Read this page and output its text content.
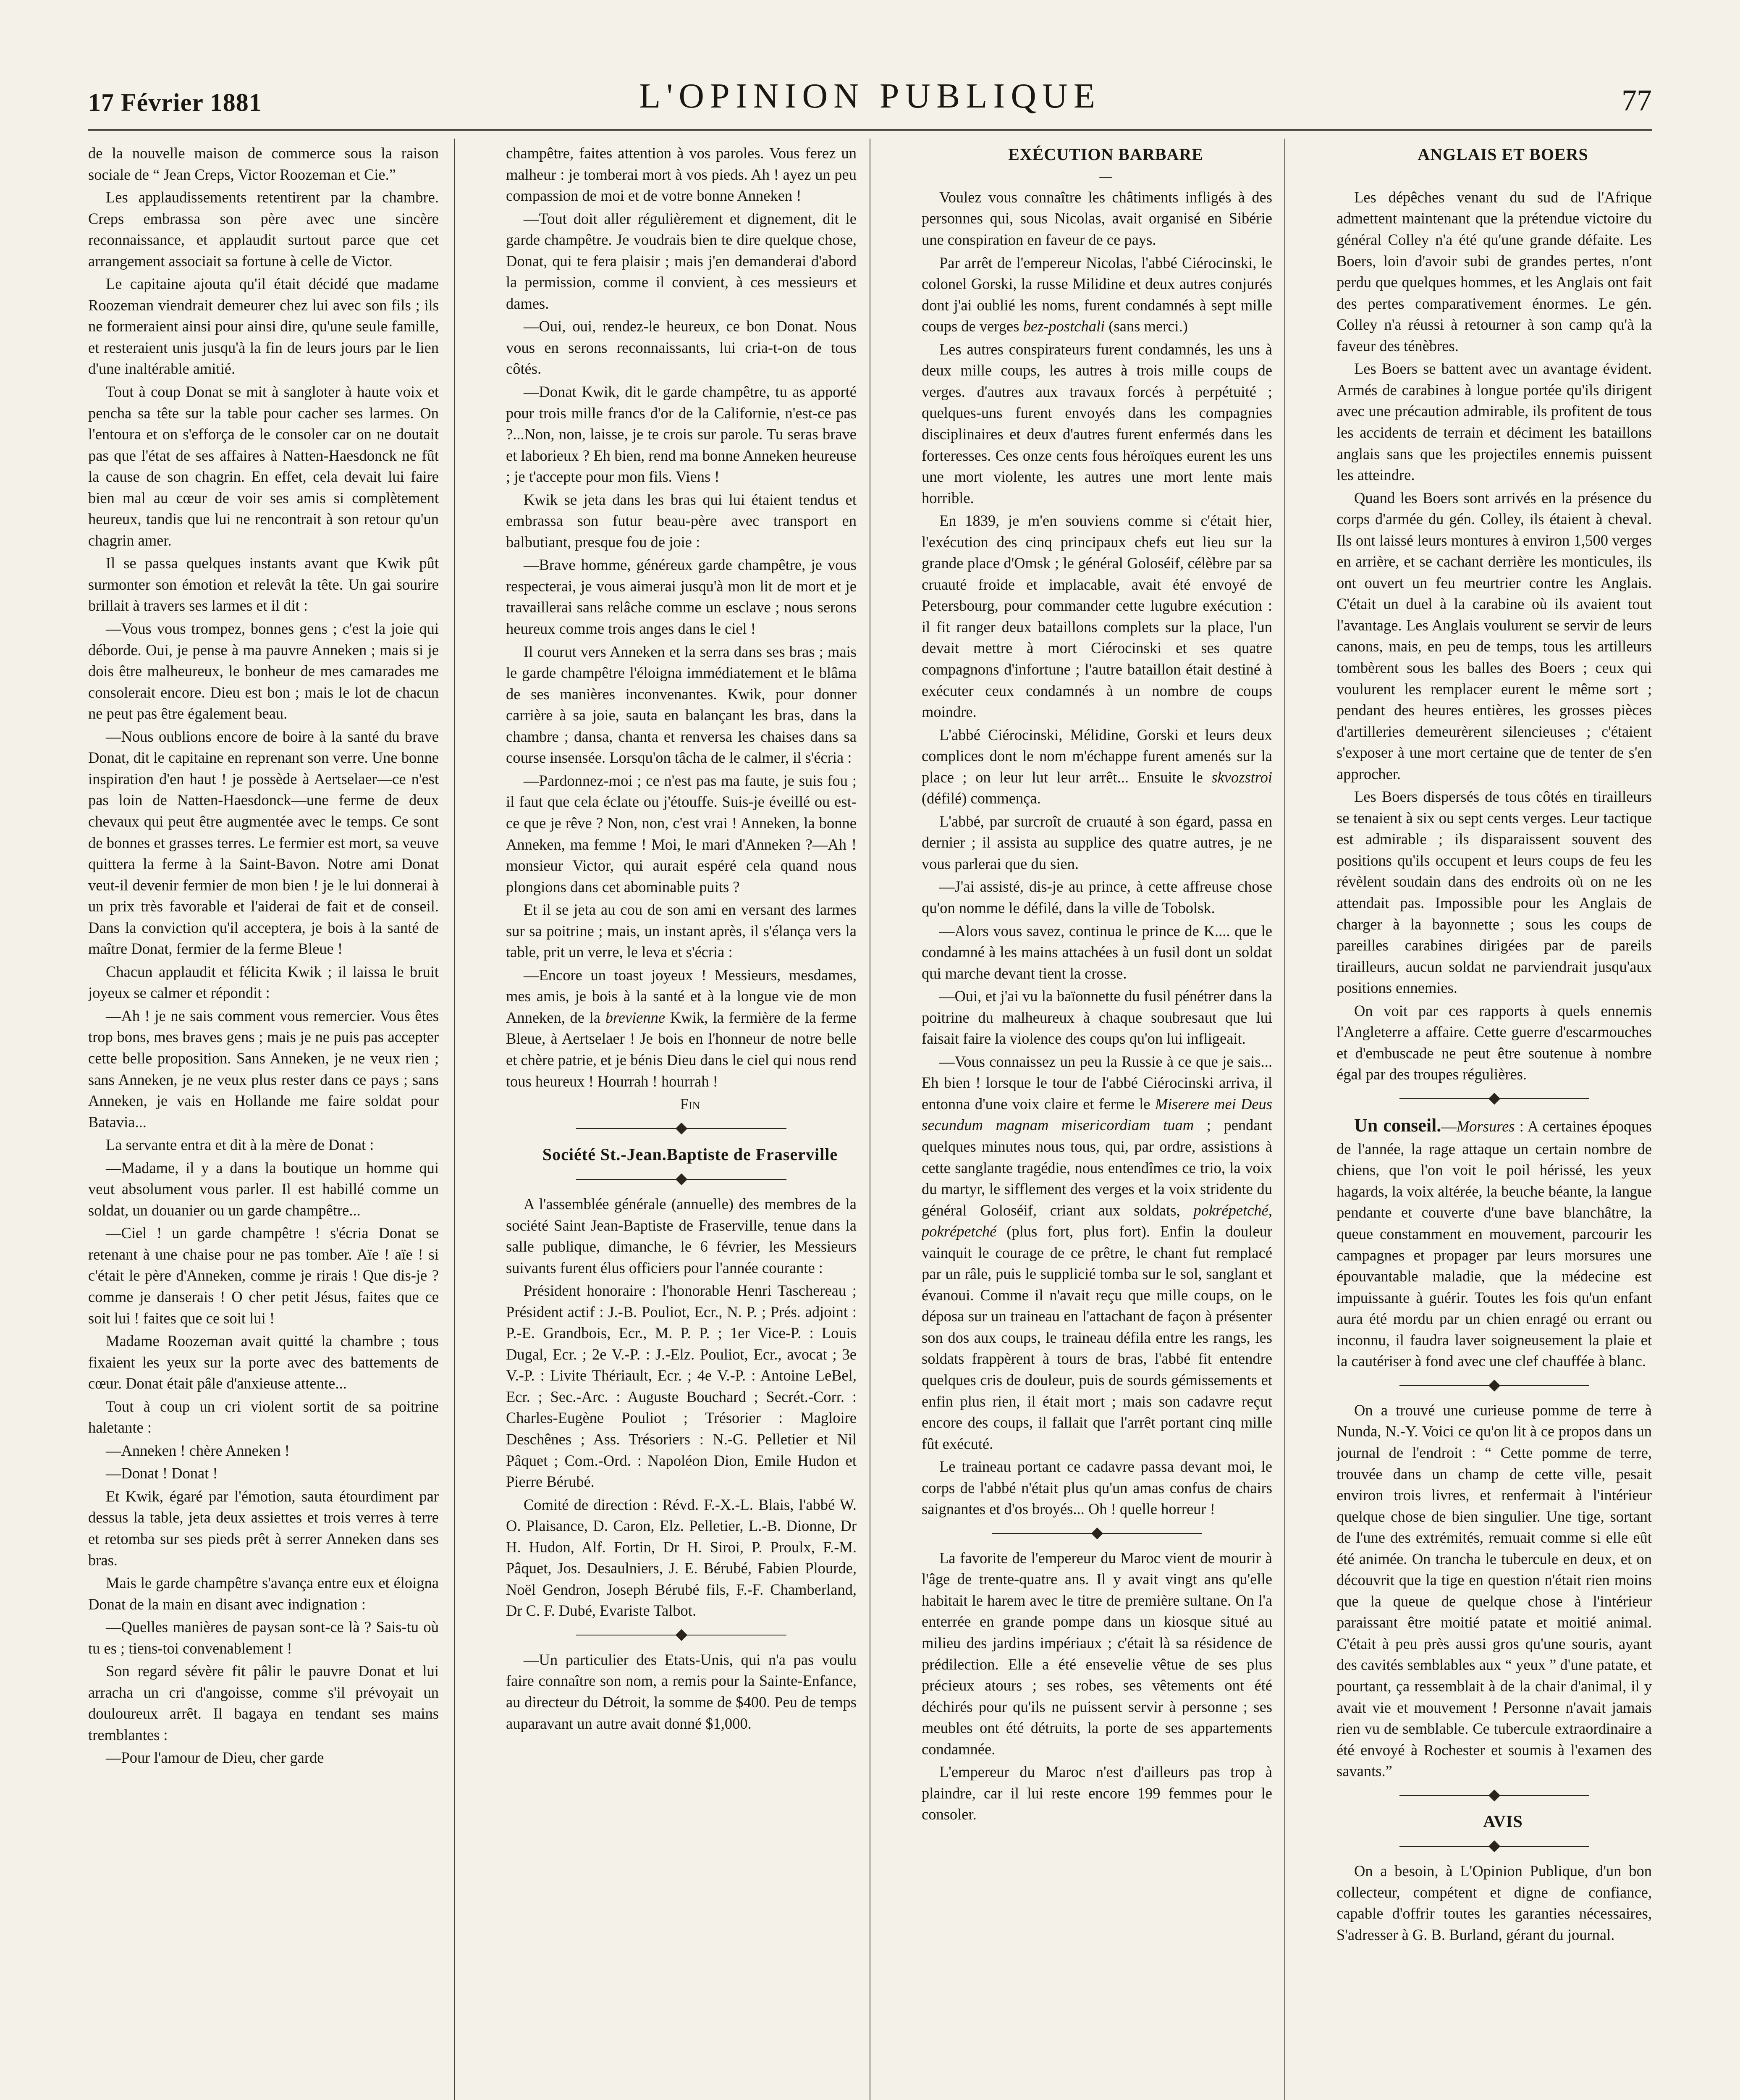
17 Février 1881	L'OPINION PUBLIQUE	77

de la nouvelle maison de commerce sous la raison sociale de “ Jean Creps, Victor Roozeman et Cie.”

Les applaudissements retentirent par la chambre. Creps embrassa son père avec une sincère reconnaissance, et applaudit surtout parce que cet arrangement associait sa fortune à celle de Victor.

Le capitaine ajouta qu'il était décidé que madame Roozeman viendrait demeurer chez lui avec son fils ; ils ne formeraient ainsi pour ainsi dire, qu'une seule famille, et resteraient unis jusqu'à la fin de leurs jours par le lien d'une inaltérable amitié.

Tout à coup Donat se mit à sangloter à haute voix et pencha sa tête sur la table pour cacher ses larmes. On l'entoura et on s'efforça de le consoler car on ne doutait pas que l'état de ses affaires à Natten-Haesdonck ne fût la cause de son chagrin. En effet, cela devait lui faire bien mal au cœur de voir ses amis si complètement heureux, tandis que lui ne rencontrait à son retour qu'un chagrin amer.

Il se passa quelques instants avant que Kwik pût surmonter son émotion et relevât la tête. Un gai sourire brillait à travers ses larmes et il dit :

—Vous vous trompez, bonnes gens ; c'est la joie qui déborde. Oui, je pense à ma pauvre Anneken ; mais si je dois être malheureux, le bonheur de mes camarades me consolerait encore. Dieu est bon ; mais le lot de chacun ne peut pas être également beau.

—Nous oublions encore de boire à la santé du brave Donat, dit le capitaine en reprenant son verre. Une bonne inspiration d'en haut ! je possède à Aertselaer—ce n'est pas loin de Natten-Haesdonck—une ferme de deux chevaux qui peut être augmentée avec le temps. Ce sont de bonnes et grasses terres. Le fermier est mort, sa veuve quittera la ferme à la Saint-Bavon. Notre ami Donat veut-il devenir fermier de mon bien ! je le lui donnerai à un prix très favorable et l'aiderai de fait et de conseil. Dans la conviction qu'il acceptera, je bois à la santé de maître Donat, fermier de la ferme Bleue !

Chacun applaudit et félicita Kwik ; il laissa le bruit joyeux se calmer et répondit :

—Ah ! je ne sais comment vous remercier. Vous êtes trop bons, mes braves gens ; mais je ne puis pas accepter cette belle proposition. Sans Anneken, je ne veux rien ; sans Anneken, je ne veux plus rester dans ce pays ; sans Anneken, je vais en Hollande me faire soldat pour Batavia...

La servante entra et dit à la mère de Donat :

—Madame, il y a dans la boutique un homme qui veut absolument vous parler. Il est habillé comme un soldat, un douanier ou un garde champêtre...

—Ciel ! un garde champêtre ! s'écria Donat se retenant à une chaise pour ne pas tomber. Aïe ! aïe ! si c'était le père d'Anneken, comme je rirais ! Que dis-je ? comme je danserais ! O cher petit Jésus, faites que ce soit lui ! faites que ce soit lui !

Madame Roozeman avait quitté la chambre ; tous fixaient les yeux sur la porte avec des battements de cœur. Donat était pâle d'anxieuse attente...

Tout à coup un cri violent sortit de sa poitrine haletante :

—Anneken ! chère Anneken !

—Donat ! Donat !

Et Kwik, égaré par l'émotion, sauta étourdiment par dessus la table, jeta deux assiettes et trois verres à terre et retomba sur ses pieds prêt à serrer Anneken dans ses bras.

Mais le garde champêtre s'avança entre eux et éloigna Donat de la main en disant avec indignation :

—Quelles manières de paysan sont-ce là ? Sais-tu où tu es ; tiens-toi convenablement !

Son regard sévère fit pâlir le pauvre Donat et lui arracha un cri d'angoisse, comme s'il prévoyait un douloureux arrêt. Il bagaya en tendant ses mains tremblantes :

—Pour l'amour de Dieu, cher garde

champêtre, faites attention à vos paroles. Vous ferez un malheur : je tomberai mort à vos pieds. Ah ! ayez un peu compassion de moi et de votre bonne Anneken !

—Tout doit aller régulièrement et dignement, dit le garde champêtre. Je voudrais bien te dire quelque chose, Donat, qui te fera plaisir ; mais j'en demanderai d'abord la permission, comme il convient, à ces messieurs et dames.

—Oui, oui, rendez-le heureux, ce bon Donat. Nous vous en serons reconnaissants, lui cria-t-on de tous côtés.

—Donat Kwik, dit le garde champêtre, tu as apporté pour trois mille francs d'or de la Californie, n'est-ce pas ?...Non, non, laisse, je te crois sur parole. Tu seras brave et laborieux ? Eh bien, rend ma bonne Anneken heureuse ; je t'accepte pour mon fils. Viens !

Kwik se jeta dans les bras qui lui étaient tendus et embrassa son futur beau-père avec transport en balbutiant, presque fou de joie :

—Brave homme, généreux garde champêtre, je vous respecterai, je vous aimerai jusqu'à mon lit de mort et je travaillerai sans relâche comme un esclave ; nous serons heureux comme trois anges dans le ciel !

Il courut vers Anneken et la serra dans ses bras ; mais le garde champêtre l'éloigna immédiatement et le blâma de ses manières inconvenantes. Kwik, pour donner carrière à sa joie, sauta en balançant les bras, dans la chambre ; dansa, chanta et renversa les chaises dans sa course insensée. Lorsqu'on tâcha de le calmer, il s'écria :

—Pardonnez-moi ; ce n'est pas ma faute, je suis fou ; il faut que cela éclate ou j'étouffe. Suis-je éveillé ou est-ce que je rêve ? Non, non, c'est vrai ! Anneken, la bonne Anneken, ma femme ! Moi, le mari d'Anneken ?—Ah ! monsieur Victor, qui aurait espéré cela quand nous plongions dans cet abominable puits ?

Et il se jeta au cou de son ami en versant des larmes sur sa poitrine ; mais, un instant après, il s'élança vers la table, prit un verre, le leva et s'écria :

—Encore un toast joyeux ! Messieurs, mesdames, mes amis, je bois à la santé et à la longue vie de mon Anneken, de la brevienne Kwik, la fermière de la ferme Bleue, à Aertselaer ! Je bois en l'honneur de notre belle et chère patrie, et je bénis Dieu dans le ciel qui nous rend tous heureux ! Hourrah ! hourrah !

Fin

Société St.-Jean.Baptiste de Fraserville

A l'assemblée générale (annuelle) des membres de la société Saint Jean-Baptiste de Fraserville, tenue dans la salle publique, dimanche, le 6 février, les Messieurs suivants furent élus officiers pour l'année courante :

Président honoraire : l'honorable Henri Taschereau ; Président actif : J.-B. Pouliot, Ecr., N. P. ; Prés. adjoint : P.-E. Grandbois, Ecr., M. P. P. ; 1er Vice-P. : Louis Dugal, Ecr. ; 2e V.-P. : J.-Elz. Pouliot, Ecr., avocat ; 3e V.-P. : Livite Thériault, Ecr. ; 4e V.-P. : Antoine LeBel, Ecr. ; Sec.-Arc. : Auguste Bouchard ; Secrét.-Corr. : Charles-Eugène Pouliot ; Trésorier : Magloire Deschênes ; Ass. Trésoriers : N.-G. Pelletier et Nil Pâquet ; Com.-Ord. : Napoléon Dion, Emile Hudon et Pierre Bérubé.

Comité de direction : Révd. F.-X.-L. Blais, l'abbé W. O. Plaisance, D. Caron, Elz. Pelletier, L.-B. Dionne, Dr H. Hudon, Alf. Fortin, Dr H. Siroi, P. Proulx, F.-M. Pâquet, Jos. Desaulniers, J. E. Bérubé, Fabien Plourde, Noël Gendron, Joseph Bérubé fils, F.-F. Chamberland, Dr C. F. Dubé, Evariste Talbot.

—Un particulier des Etats-Unis, qui n'a pas voulu faire connaître son nom, a remis pour la Sainte-Enfance, au directeur du Détroit, la somme de $400. Peu de temps auparavant un autre avait donné $1,000.

EXÉCUTION BARBARE

—

Voulez vous connaître les châtiments infligés à des personnes qui, sous Nicolas, avait organisé en Sibérie une conspiration en faveur de ce pays.

Par arrêt de l'empereur Nicolas, l'abbé Ciérocinski, le colonel Gorski, la russe Milidine et deux autres conjurés dont j'ai oublié les noms, furent condamnés à sept mille coups de verges bez-postchali (sans merci.)

Les autres conspirateurs furent condamnés, les uns à deux mille coups, les autres à trois mille coups de verges. d'autres aux travaux forcés à perpétuité ; quelques-uns furent envoyés dans les compagnies disciplinaires et deux d'autres furent enfermés dans les forteresses. Ces onze cents fous héroïques eurent les uns une mort violente, les autres une mort lente mais horrible.

En 1839, je m'en souviens comme si c'était hier, l'exécution des cinq principaux chefs eut lieu sur la grande place d'Omsk ; le général Goloséif, célèbre par sa cruauté froide et implacable, avait été envoyé de Petersbourg, pour commander cette lugubre exécution : il fit ranger deux bataillons complets sur la place, l'un devait mettre à mort Ciérocinski et ses quatre compagnons d'infortune ; l'autre bataillon était destiné à exécuter ceux condamnés à un nombre de coups moindre.

L'abbé Ciérocinski, Mélidine, Gorski et leurs deux complices dont le nom m'échappe furent amenés sur la place ; on leur lut leur arrêt... Ensuite le skvozstroi (défilé) commença.

L'abbé, par surcroît de cruauté à son égard, passa en dernier ; il assista au supplice des quatre autres, je ne vous parlerai que du sien.

—J'ai assisté, dis-je au prince, à cette affreuse chose qu'on nomme le défilé, dans la ville de Tobolsk.

—Alors vous savez, continua le prince de K.... que le condamné à les mains attachées à un fusil dont un soldat qui marche devant tient la crosse.

—Oui, et j'ai vu la baïonnette du fusil pénétrer dans la poitrine du malheureux à chaque soubresaut que lui faisait faire la violence des coups qu'on lui infligeait.

—Vous connaissez un peu la Russie à ce que je sais... Eh bien ! lorsque le tour de l'abbé Ciérocinski arriva, il entonna d'une voix claire et ferme le Miserere mei Deus secundum magnam misericordiam tuam ; pendant quelques minutes nous tous, qui, par ordre, assistions à cette sanglante tragédie, nous entendîmes ce trio, la voix du martyr, le sifflement des verges et la voix stridente du général Goloséif, criant aux soldats, pokrépetché, pokrépetché (plus fort, plus fort). Enfin la douleur vainquit le courage de ce prêtre, le chant fut remplacé par un râle, puis le supplicié tomba sur le sol, sanglant et évanoui. Comme il n'avait reçu que mille coups, on le déposa sur un traineau en l'attachant de façon à présenter son dos aux coups, le traineau défila entre les rangs, les soldats frappèrent à tours de bras, l'abbé fit entendre quelques cris de douleur, puis de sourds gémissements et enfin plus rien, il était mort ; mais son cadavre reçut encore des coups, il fallait que l'arrêt portant cinq mille fût exécuté.

Le traineau portant ce cadavre passa devant moi, le corps de l'abbé n'était plus qu'un amas confus de chairs saignantes et d'os broyés... Oh ! quelle horreur !

La favorite de l'empereur du Maroc vient de mourir à l'âge de trente-quatre ans. Il y avait vingt ans qu'elle habitait le harem avec le titre de première sultane. On l'a enterrée en grande pompe dans un kiosque situé au milieu des jardins impériaux ; c'était là sa résidence de prédilection. Elle a été ensevelie vêtue de ses plus précieux atours ; ses robes, ses vêtements ont été déchirés pour qu'ils ne puissent servir à personne ; ses meubles ont été détruits, la porte de ses appartements condamnée.

L'empereur du Maroc n'est d'ailleurs pas trop à plaindre, car il lui reste encore 199 femmes pour le consoler.

ANGLAIS ET BOERS

Les dépêches venant du sud de l'Afrique admettent maintenant que la prétendue victoire du général Colley n'a été qu'une grande défaite. Les Boers, loin d'avoir subi de grandes pertes, n'ont perdu que quelques hommes, et les Anglais ont fait des pertes comparativement énormes. Le gén. Colley n'a réussi à retourner à son camp qu'à la faveur des ténèbres.

Les Boers se battent avec un avantage évident. Armés de carabines à longue portée qu'ils dirigent avec une précaution admirable, ils profitent de tous les accidents de terrain et déciment les bataillons anglais sans que les projectiles ennemis puissent les atteindre.

Quand les Boers sont arrivés en la présence du corps d'armée du gén. Colley, ils étaient à cheval. Ils ont laissé leurs montures à environ 1,500 verges en arrière, et se cachant derrière les monticules, ils ont ouvert un feu meurtrier contre les Anglais. C'était un duel à la carabine où ils avaient tout l'avantage. Les Anglais voulurent se servir de leurs canons, mais, en peu de temps, tous les artilleurs tombèrent sous les balles des Boers ; ceux qui voulurent les remplacer eurent le même sort ; pendant des heures entières, les grosses pièces d'artilleries demeurèrent silencieuses ; c'étaient s'exposer à une mort certaine que de tenter de s'en approcher.

Les Boers dispersés de tous côtés en tirailleurs se tenaient à six ou sept cents verges. Leur tactique est admirable ; ils disparaissent souvent des positions qu'ils occupent et leurs coups de feu les révèlent soudain dans des endroits où on ne les attendait pas. Impossible pour les Anglais de charger à la bayonnette ; sous les coups de pareilles carabines dirigées par de pareils tirailleurs, aucun soldat ne parviendrait jusqu'aux positions ennemies.

On voit par ces rapports à quels ennemis l'Angleterre a affaire. Cette guerre d'escarmouches et d'embuscade ne peut être soutenue à nombre égal par des troupes régulières.

Un conseil.—Morsures : A certaines époques de l'année, la rage attaque un certain nombre de chiens, que l'on voit le poil hérissé, les yeux hagards, la voix altérée, la beuche béante, la langue pendante et couverte d'une bave blanchâtre, la queue constamment en mouvement, parcourir les campagnes et propager par leurs morsures une épouvantable maladie, que la médecine est impuissante à guérir. Toutes les fois qu'un enfant aura été mordu par un chien enragé ou errant ou inconnu, il faudra laver soigneusement la plaie et la cautériser à fond avec une clef chauffée à blanc.

On a trouvé une curieuse pomme de terre à Nunda, N.-Y. Voici ce qu'on lit à ce propos dans un journal de l'endroit : “ Cette pomme de terre, trouvée dans un champ de cette ville, pesait environ trois livres, et renfermait à l'intérieur quelque chose de bien singulier. Une tige, sortant de l'une des extrémités, remuait comme si elle eût été animée. On trancha le tubercule en deux, et on découvrit que la tige en question n'était rien moins que la queue de quelque chose à l'intérieur paraissant être moitié patate et moitié animal. C'était à peu près aussi gros qu'une souris, ayant des cavités semblables aux “ yeux ” d'une patate, et pourtant, ça ressemblait à de la chair d'animal, il y avait vie et mouvement ! Personne n'avait jamais rien vu de semblable. Ce tubercule extraordinaire a été envoyé à Rochester et soumis à l'examen des savants.”

AVIS

On a besoin, à L'Opinion Publique, d'un bon collecteur, compétent et digne de confiance, capable d'offrir toutes les garanties nécessaires, S'adresser à G. B. Burland, gérant du journal.
